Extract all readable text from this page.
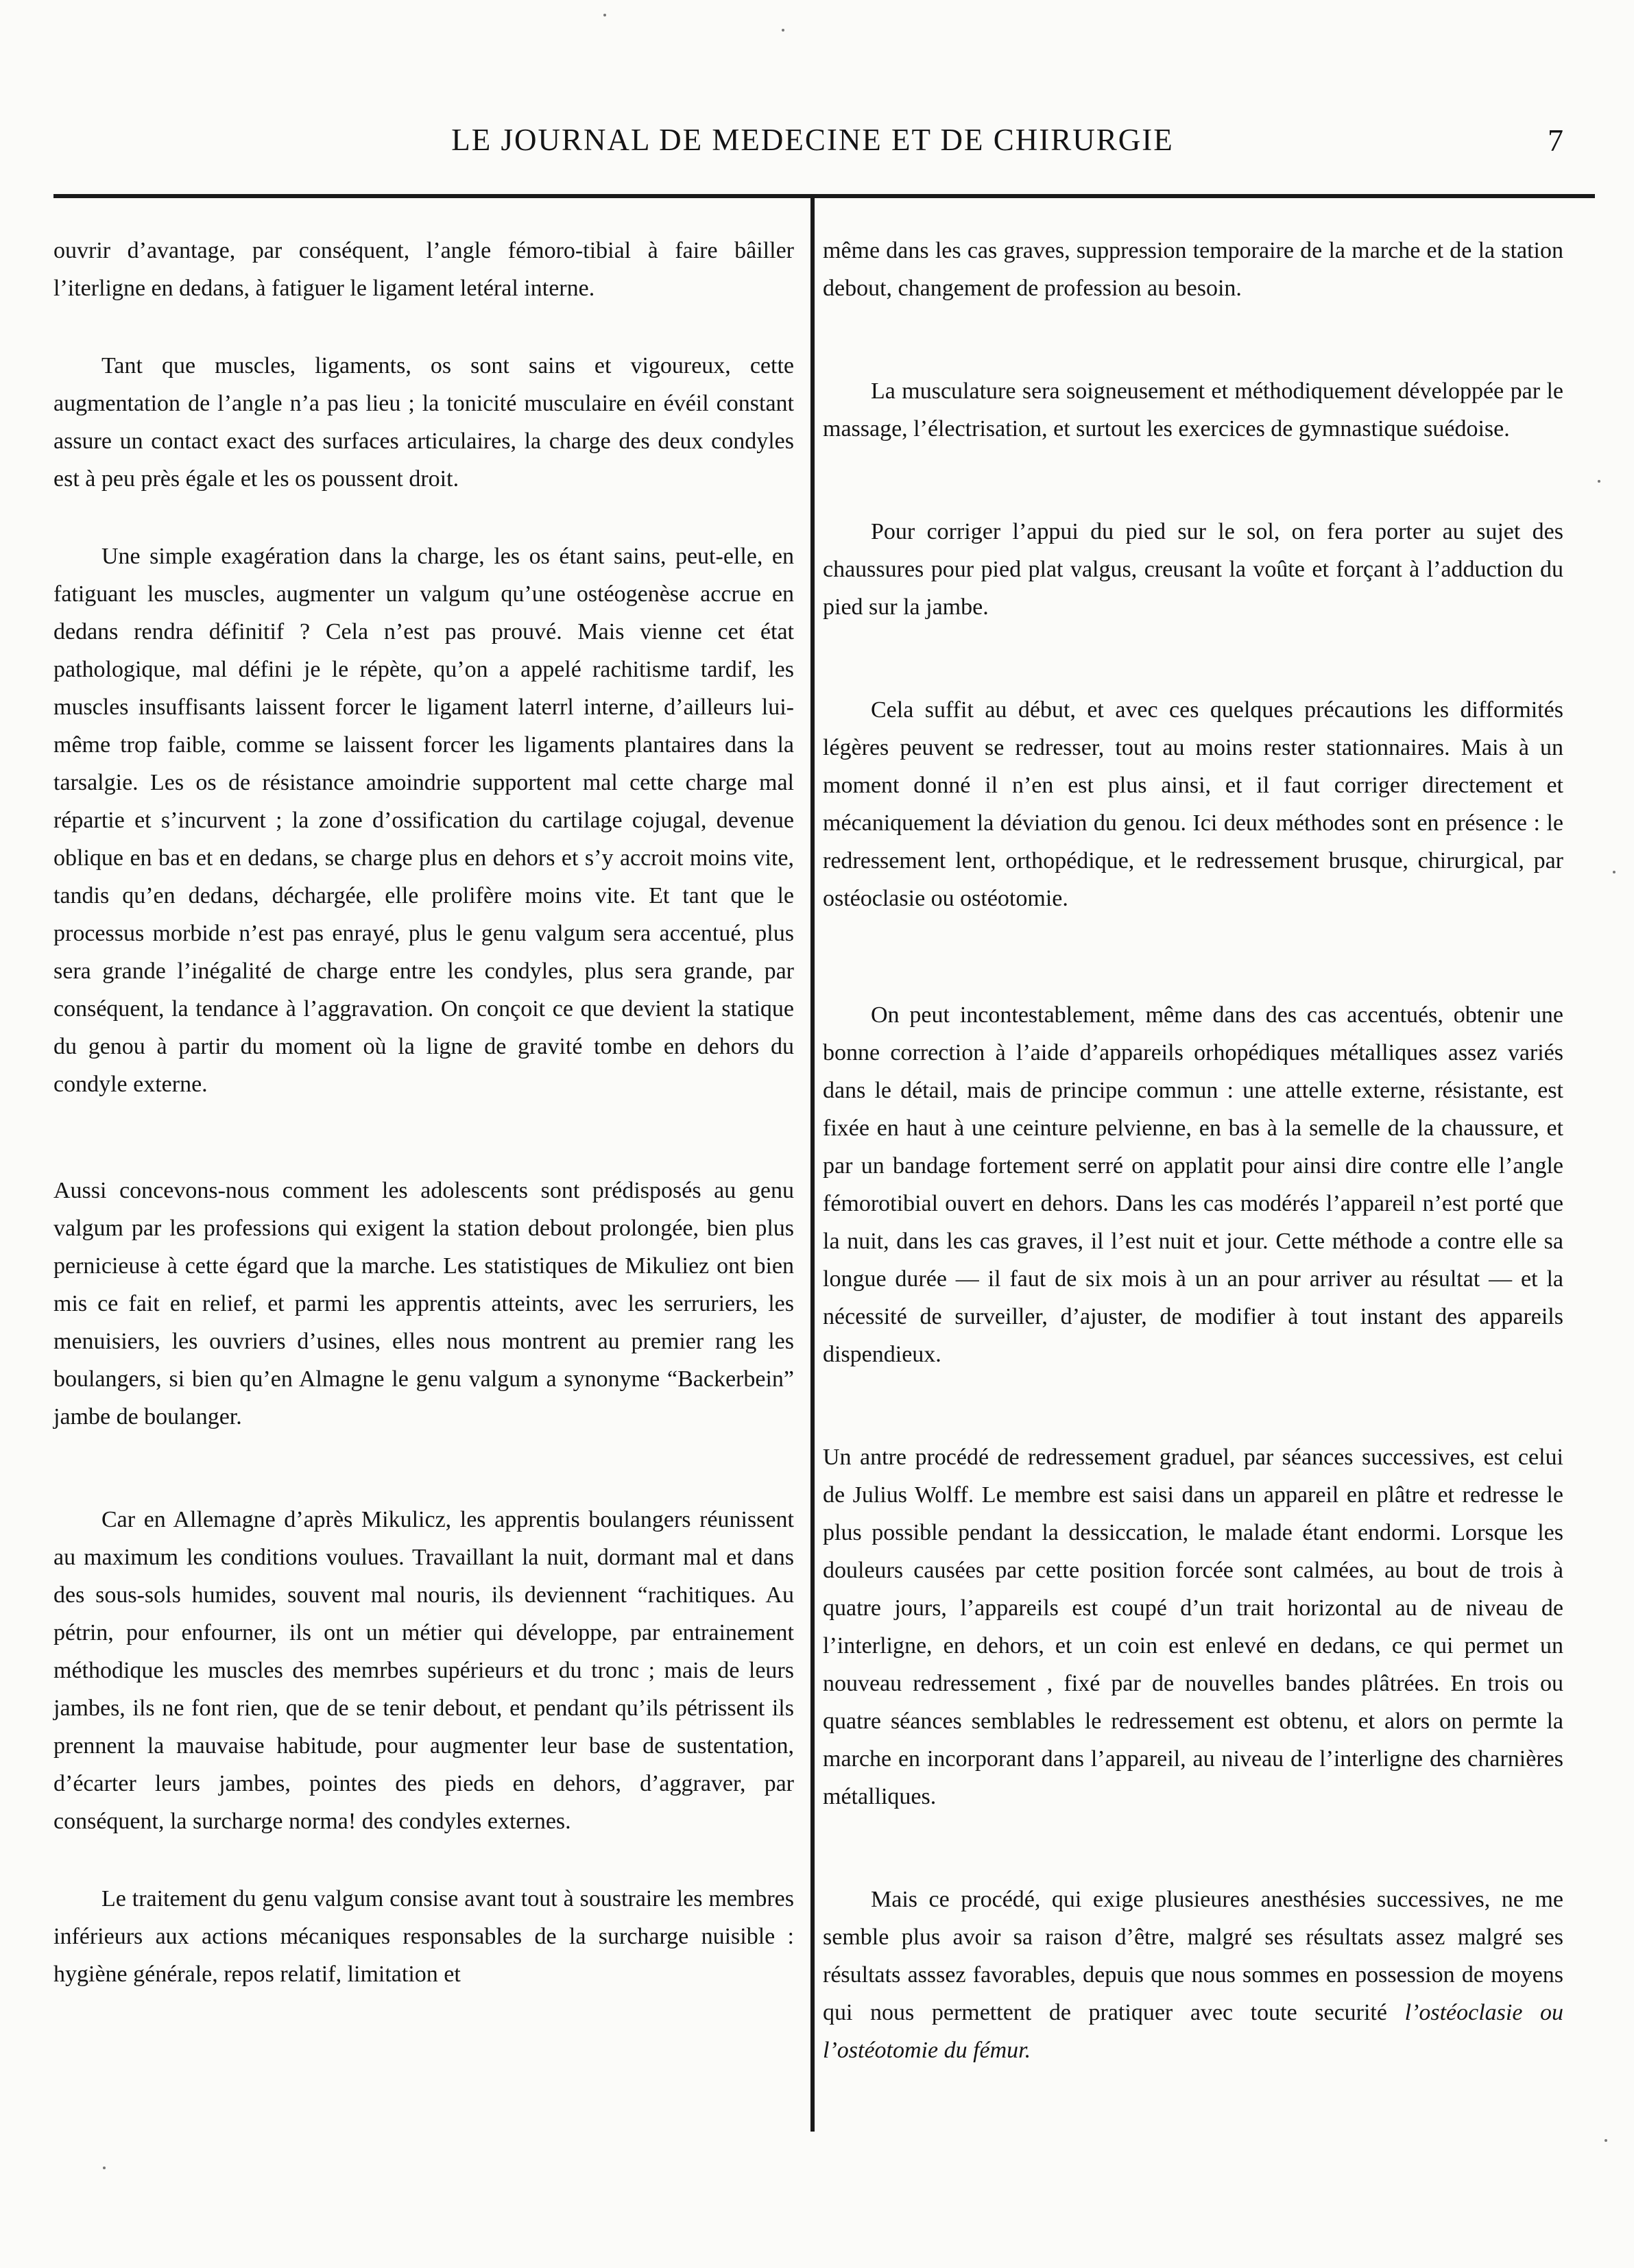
LE JOURNAL DE MEDECINE ET DE CHIRURGIE	7

ouvrir d’avantage, par conséquent, l’angle fémoro-tibial à faire bâiller l’iterligne en dedans, à fatiguer le ligament letéral interne.

Tant que muscles, ligaments, os sont sains et vigoureux, cette augmentation de l’angle n’a pas lieu ; la tonicité musculaire en évéil constant assure un contact exact des surfaces articulaires, la charge des deux condyles est à peu près égale et les os poussent droit.

Une simple exagération dans la charge, les os étant sains, peut-elle, en fatiguant les muscles, augmenter un valgum qu’une ostéogenèse accrue en dedans rendra définitif ? Cela n’est pas prouvé. Mais vienne cet état pathologique, mal défini je le répète, qu’on a appelé rachitisme tardif, les muscles insuffisants laissent forcer le ligament laterrl interne, d’ailleurs lui-même trop faible, comme se laissent forcer les ligaments plantaires dans la tarsalgie. Les os de résistance amoindrie supportent mal cette charge mal répartie et s’incurvent ; la zone d’ossification du cartilage cojugal, devenue oblique en bas et en dedans, se charge plus en dehors et s’y accroit moins vite, tandis qu’en dedans, déchargée, elle prolifère moins vite. Et tant que le processus morbide n’est pas enrayé, plus le genu valgum sera accentué, plus sera grande l’inégalité de charge entre les condyles, plus sera grande, par conséquent, la tendance à l’aggravation. On conçoit ce que devient la statique du genou à partir du moment où la ligne de gravité tombe en dehors du condyle externe.

Aussi concevons-nous comment les adolescents sont prédisposés au genu valgum par les professions qui exigent la station debout prolongée, bien plus pernicieuse à cette égard que la marche. Les statistiques de Mikuliez ont bien mis ce fait en relief, et parmi les apprentis atteints, avec les serruriers, les menuisiers, les ouvriers d’usines, elles nous montrent au premier rang les boulangers, si bien qu’en Almagne le genu valgum a synonyme “Backerbein” jambe de boulanger.

Car en Allemagne d’après Mikulicz, les apprentis boulangers réunissent au maximum les conditions voulues. Travaillant la nuit, dormant mal et dans des sous-sols humides, souvent mal nouris, ils deviennent “rachitiques. Au pétrin, pour enfourner, ils ont un métier qui développe, par entrainement méthodique les muscles des memrbes supérieurs et du tronc ; mais de leurs jambes, ils ne font rien, que de se tenir debout, et pendant qu’ils pétrissent ils prennent la mauvaise habitude, pour augmenter leur base de sustentation, d’écarter leurs jambes, pointes des pieds en dehors, d’aggraver, par conséquent, la surcharge norma! des condyles externes.

Le traitement du genu valgum consise avant tout à soustraire les membres inférieurs aux actions mécaniques responsables de la surcharge nuisible : hygiène générale, repos relatif, limitation et

même dans les cas graves, suppression temporaire de la marche et de la station debout, changement de profession au besoin.

La musculature sera soigneusement et méthodiquement développée par le massage, l’électrisation, et surtout les exercices de gymnastique suédoise.

Pour corriger l’appui du pied sur le sol, on fera porter au sujet des chaussures pour pied plat valgus, creusant la voûte et forçant à l’adduction du pied sur la jambe.

Cela suffit au début, et avec ces quelques précautions les difformités légères peuvent se redresser, tout au moins rester stationnaires. Mais à un moment donné il n’en est plus ainsi, et il faut corriger directement et mécaniquement la déviation du genou. Ici deux méthodes sont en présence : le redressement lent, orthopédique, et le redressement brusque, chirurgical, par ostéoclasie ou ostéotomie.

On peut incontestablement, même dans des cas accentués, obtenir une bonne correction à l’aide d’appareils orhopédiques métalliques assez variés dans le détail, mais de principe commun : une attelle externe, résistante, est fixée en haut à une ceinture pelvienne, en bas à la semelle de la chaussure, et par un bandage fortement serré on applatit pour ainsi dire contre elle l’angle fémorotibial ouvert en dehors. Dans les cas modérés l’appareil n’est porté que la nuit, dans les cas graves, il l’est nuit et jour. Cette méthode a contre elle sa longue durée — il faut de six mois à un an pour arriver au résultat — et la nécessité de surveiller, d’ajuster, de modifier à tout instant des appareils dispendieux.

Un antre procédé de redressement graduel, par séances successives, est celui de Julius Wolff. Le membre est saisi dans un appareil en plâtre et redresse le plus possible pendant la dessiccation, le malade étant endormi. Lorsque les douleurs causées par cette position forcée sont calmées, au bout de trois à quatre jours, l’appareils est coupé d’un trait horizontal au de niveau de l’interligne, en dehors, et un coin est enlevé en dedans, ce qui permet un nouveau redressement , fixé par de nouvelles bandes plâtrées. En trois ou quatre séances semblables le redressement est obtenu, et alors on permte la marche en incorporant dans l’appareil, au niveau de l’interligne des charnières métalliques.

Mais ce procédé, qui exige plusieures anesthésies successives, ne me semble plus avoir sa raison d’être, malgré ses résultats assez malgré ses résultats asssez favorables, depuis que nous sommes en possession de moyens qui nous permettent de pratiquer avec toute securité l’ostéoclasie ou l’ostéotomie du fémur.
